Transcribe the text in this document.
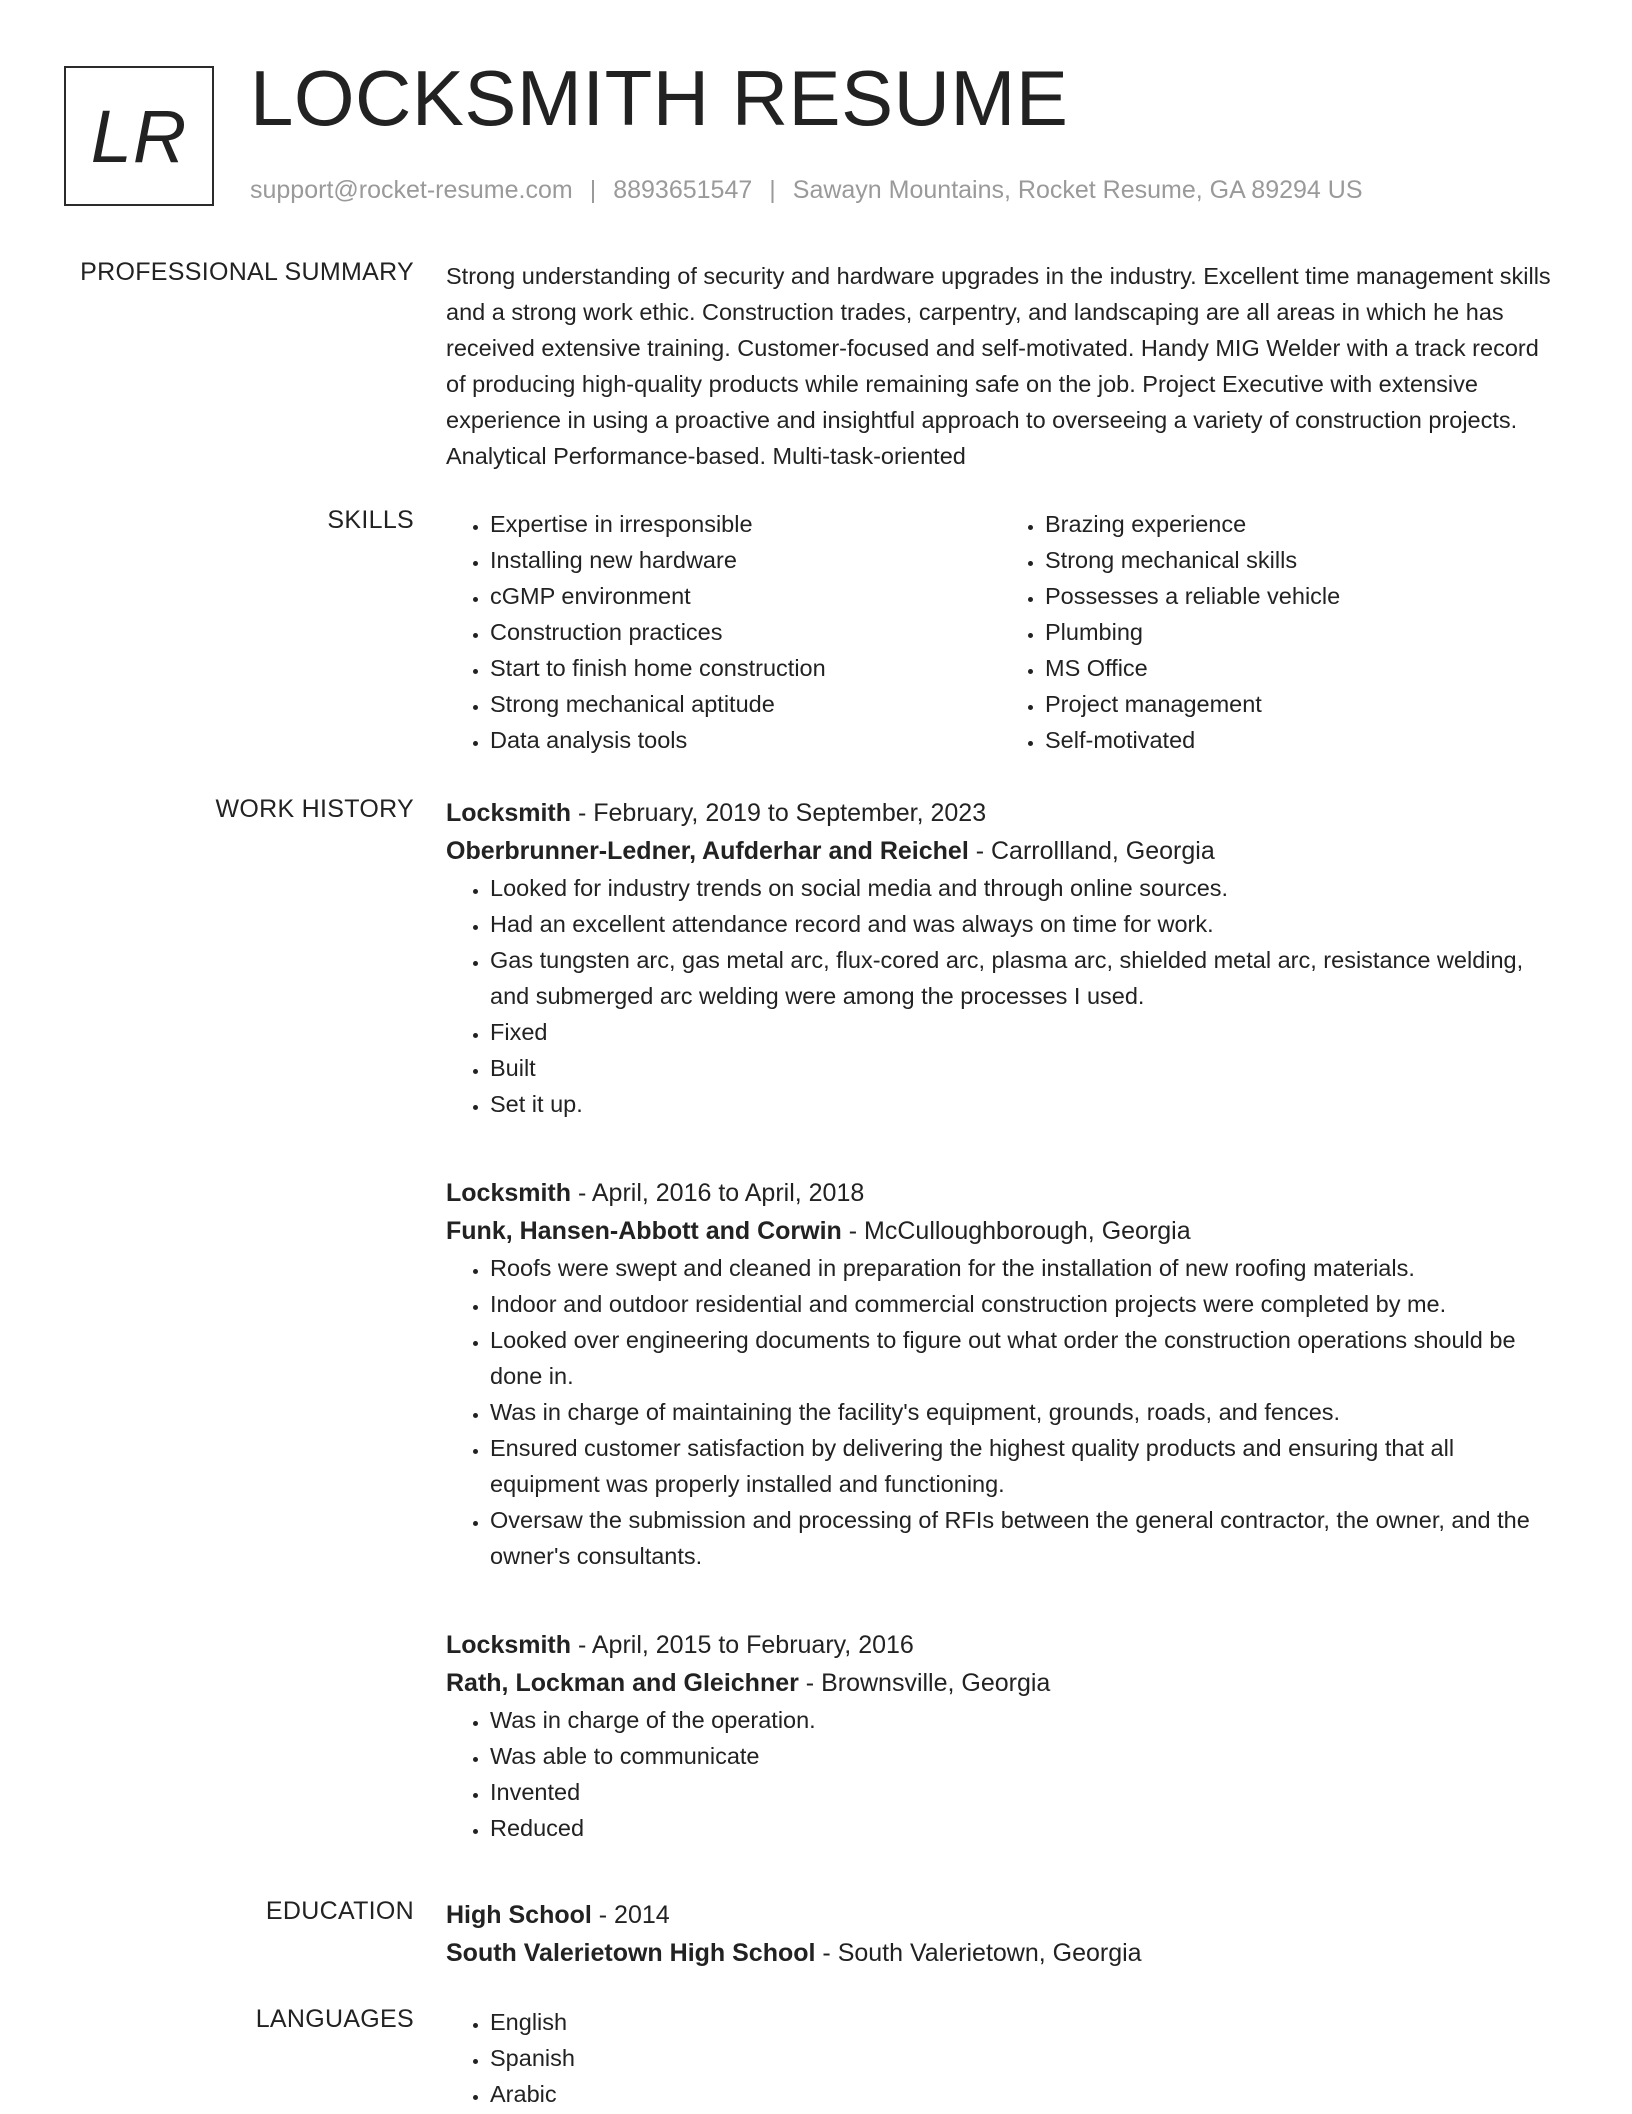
LR LOCKSMITH RESUME
support@rocket-resume.com | 8893651547 | Sawayn Mountains, Rocket Resume, GA 89294 US
PROFESSIONAL SUMMARY Strong understanding of security and hardware upgrades in the industry. Excellent time management skills and a strong work ethic. Construction trades, carpentry, and landscaping are all areas in which he has received extensive training. Customer-focused and self-motivated. Handy MIG Welder with a track record of producing high-quality products while remaining safe on the job. Project Executive with extensive experience in using a proactive and insightful approach to overseeing a variety of construction projects. Analytical Performance-based. Multi-task-oriented

SKILLS	• Expertise in irresponsible
• Installing new hardware
• cGMP environment
• Construction practices
• Start to finish home construction
• Strong mechanical aptitude
• Data analysis tools
• Brazing experience
• Strong mechanical skills
• Possesses a reliable vehicle
• Plumbing
• MS Office
• Project management
• Self-motivated
WORK HISTORY Locksmith - February, 2019 to September, 2023
Oberbrunner-Ledner, Aufderhar and Reichel - Carrollland, Georgia
• Looked for industry trends on social media and through online sources.
• Had an excellent attendance record and was always on time for work.
• Gas tungsten arc, gas metal arc, flux-cored arc, plasma arc, shielded metal arc, resistance welding, and submerged arc welding were among the processes I used.
• Fixed
• Built
• Set it up.
Locksmith - April, 2016 to April, 2018
Funk, Hansen-Abbott and Corwin - McCulloughborough, Georgia
• Roofs were swept and cleaned in preparation for the installation of new roofing materials.
• Indoor and outdoor residential and commercial construction projects were completed by me.
• Looked over engineering documents to figure out what order the construction operations should be done in.
• Was in charge of maintaining the facility's equipment, grounds, roads, and fences.
• Ensured customer satisfaction by delivering the highest quality products and ensuring that all equipment was properly installed and functioning.
• Oversaw the submission and processing of RFIs between the general contractor, the owner, and the owner's consultants.
Locksmith - April, 2015 to February, 2016
Rath, Lockman and Gleichner - Brownsville, Georgia
• Was in charge of the operation.
• Was able to communicate
• Invented
• Reduced
EDUCATION High School - 2014
South Valerietown High School - South Valerietown, Georgia
LANGUAGES	• English
• Spanish
• Arabic
